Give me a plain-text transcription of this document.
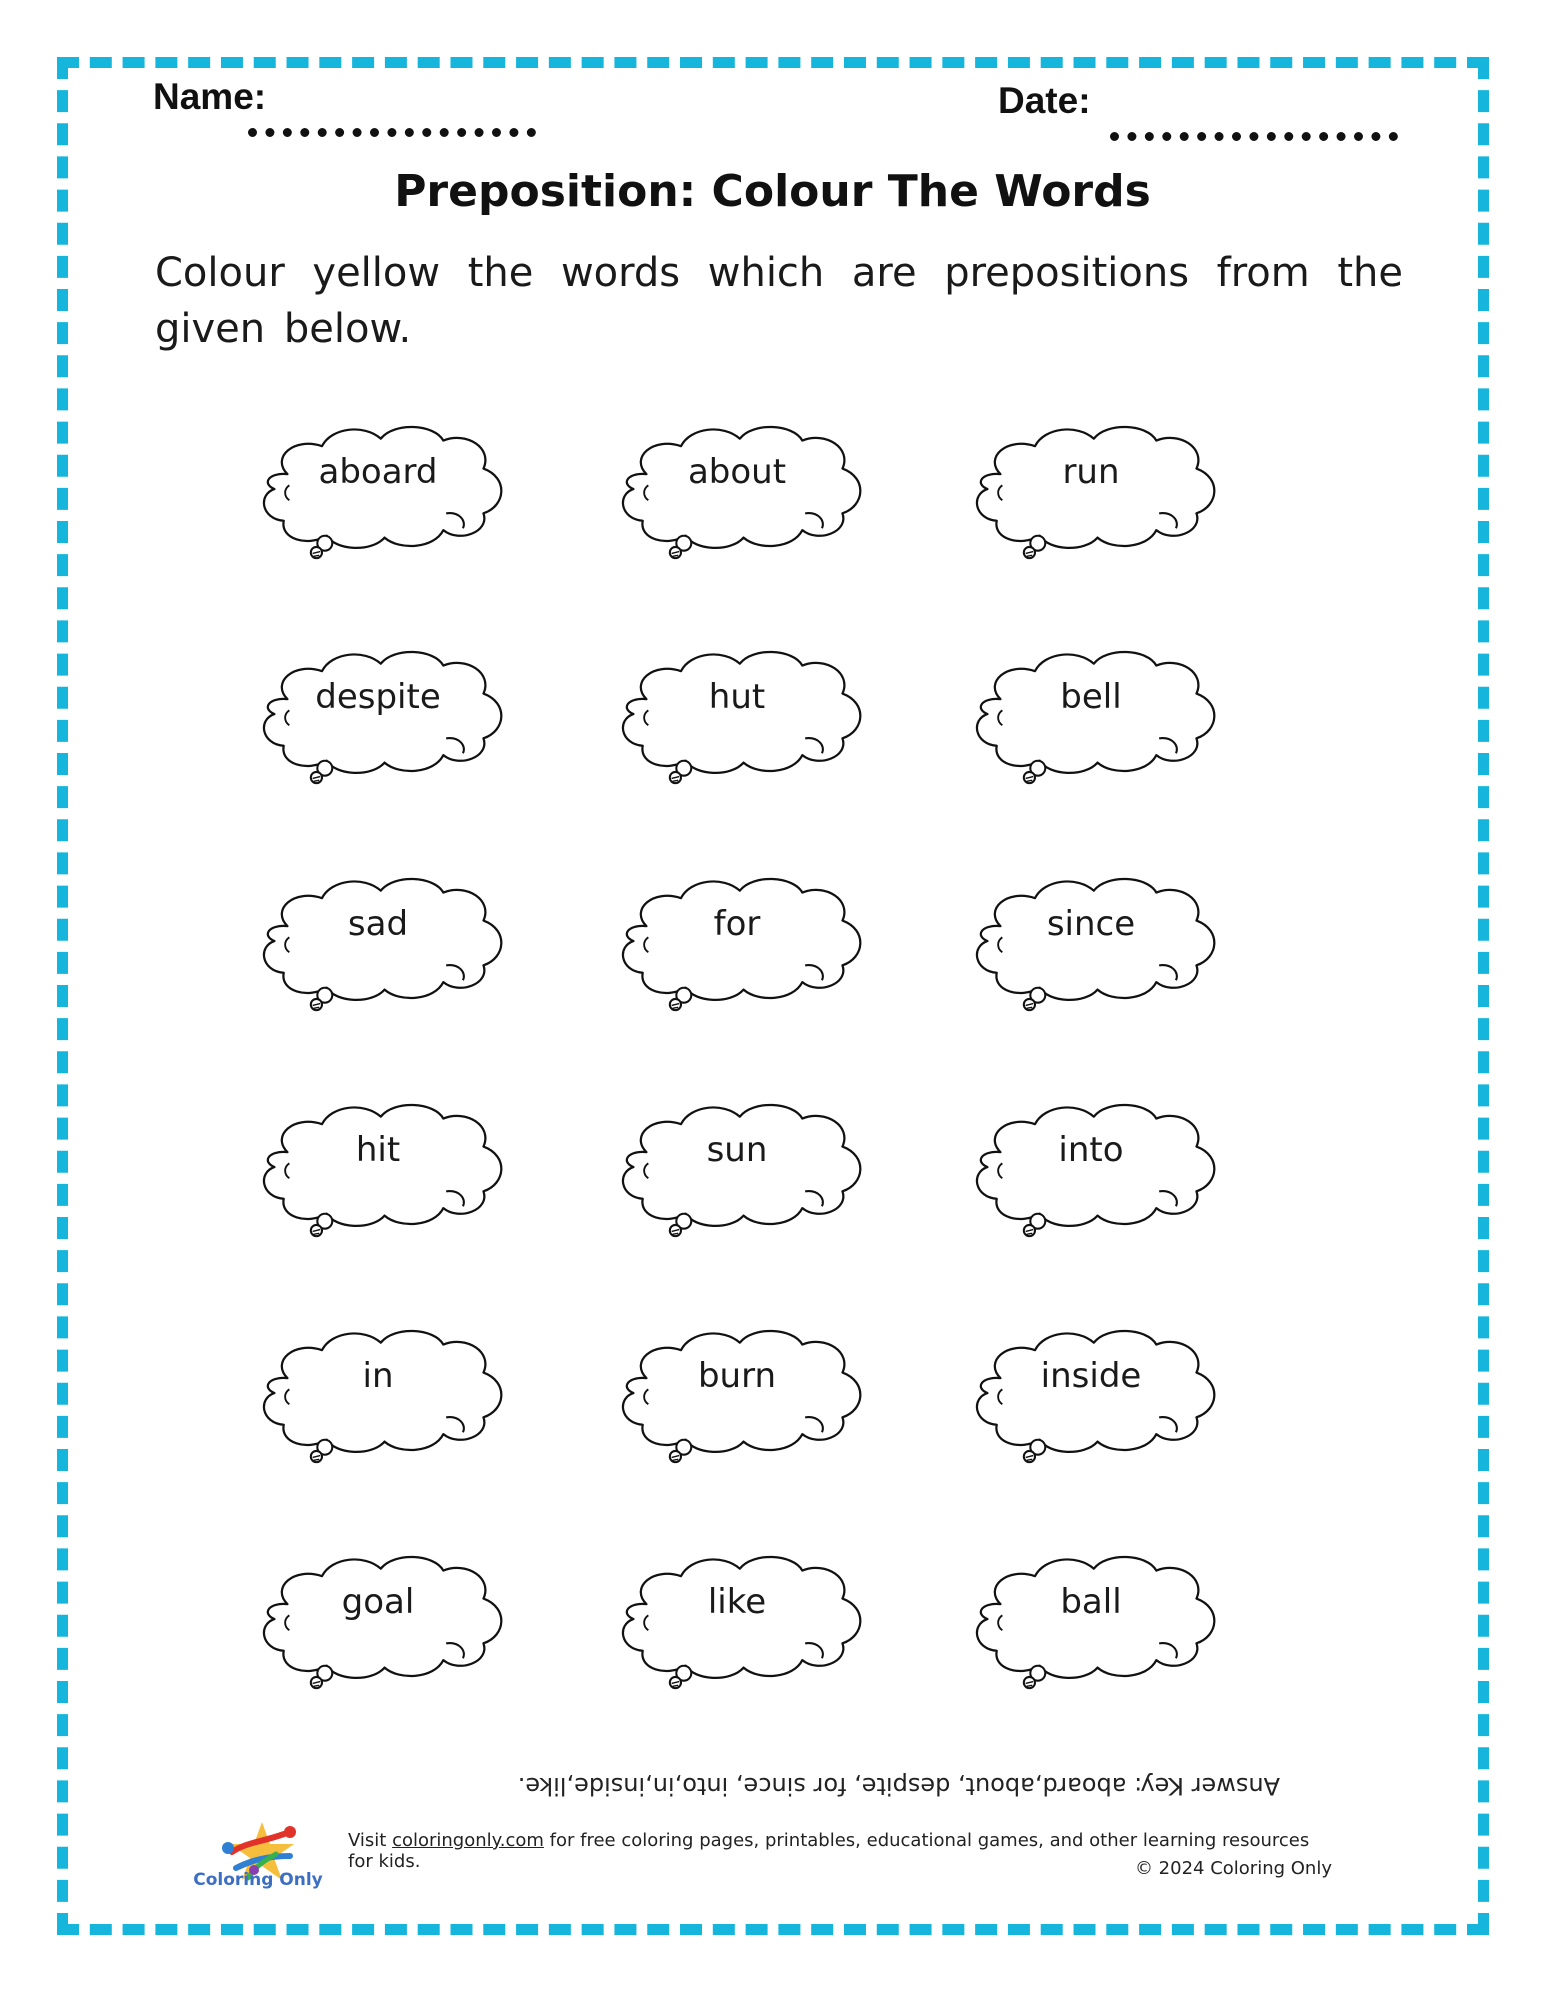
Name:	Date:
Preposition: Colour The Words
Colour yellow the words which are prepositions from the given below.
aboard	about	run
despite	hut	bell
sad	for	since
hit	sun	into
in	burn	inside
goal	like	ball
Answer Key: aboard,about, despite, for since, into,in,inside,like.
Coloring Only
Visit coloringonly.com for free coloring pages, printables, educational games, and other learning resources for kids.	© 2024 Coloring Only
